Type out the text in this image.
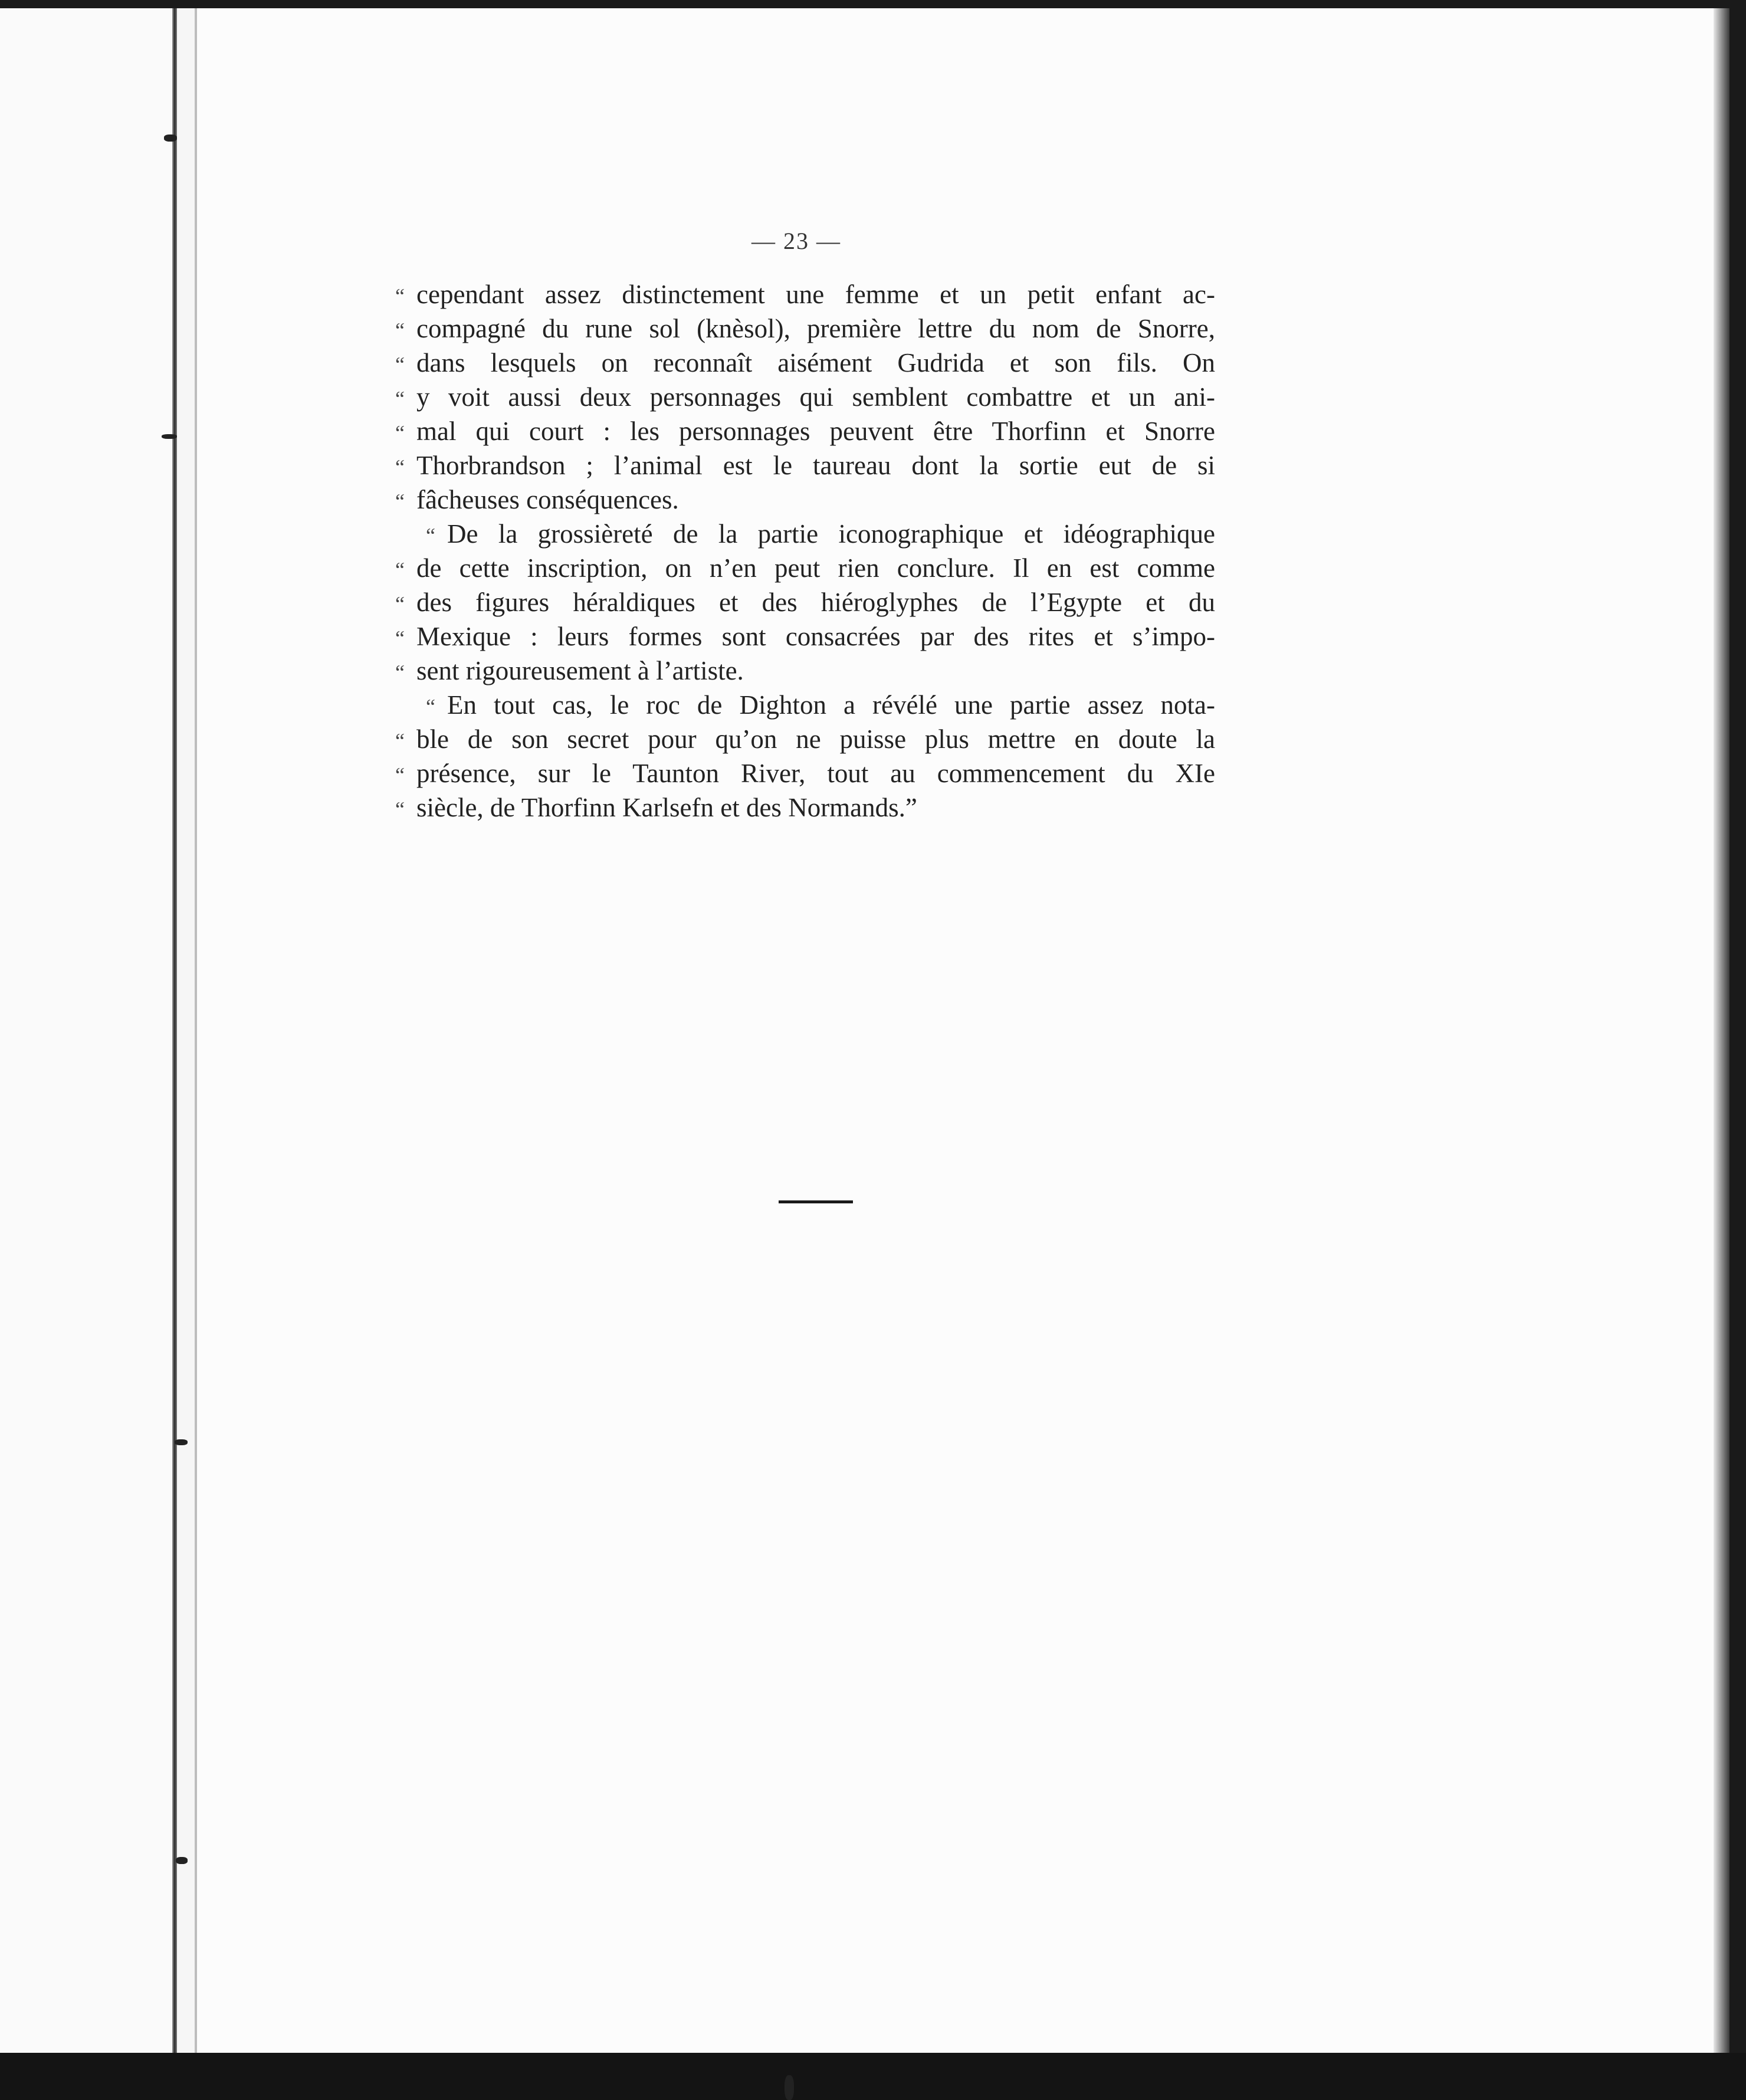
— 23 —
“ cependant assez distinctement une femme et un petit enfant ac-
“ compagné du rune sol (knèsol), première lettre du nom de Snorre,
“ dans lesquels on reconnaît aisément Gudrida et son fils. On
“ y voit aussi deux personnages qui semblent combattre et un ani-
“ mal qui court : les personnages peuvent être Thorfinn et Snorre
“ Thorbrandson ; l’animal est le taureau dont la sortie eut de si
“ fâcheuses conséquences.
“ De la grossièreté de la partie iconographique et idéographique
“ de cette inscription, on n’en peut rien conclure. Il en est comme
“ des figures héraldiques et des hiéroglyphes de l’Egypte et du
“ Mexique : leurs formes sont consacrées par des rites et s’impo-
“ sent rigoureusement à l’artiste.
“ En tout cas, le roc de Dighton a révélé une partie assez nota-
“ ble de son secret pour qu’on ne puisse plus mettre en doute la
“ présence, sur le Taunton River, tout au commencement du XIe
“ siècle, de Thorfinn Karlsefn et des Normands.”
